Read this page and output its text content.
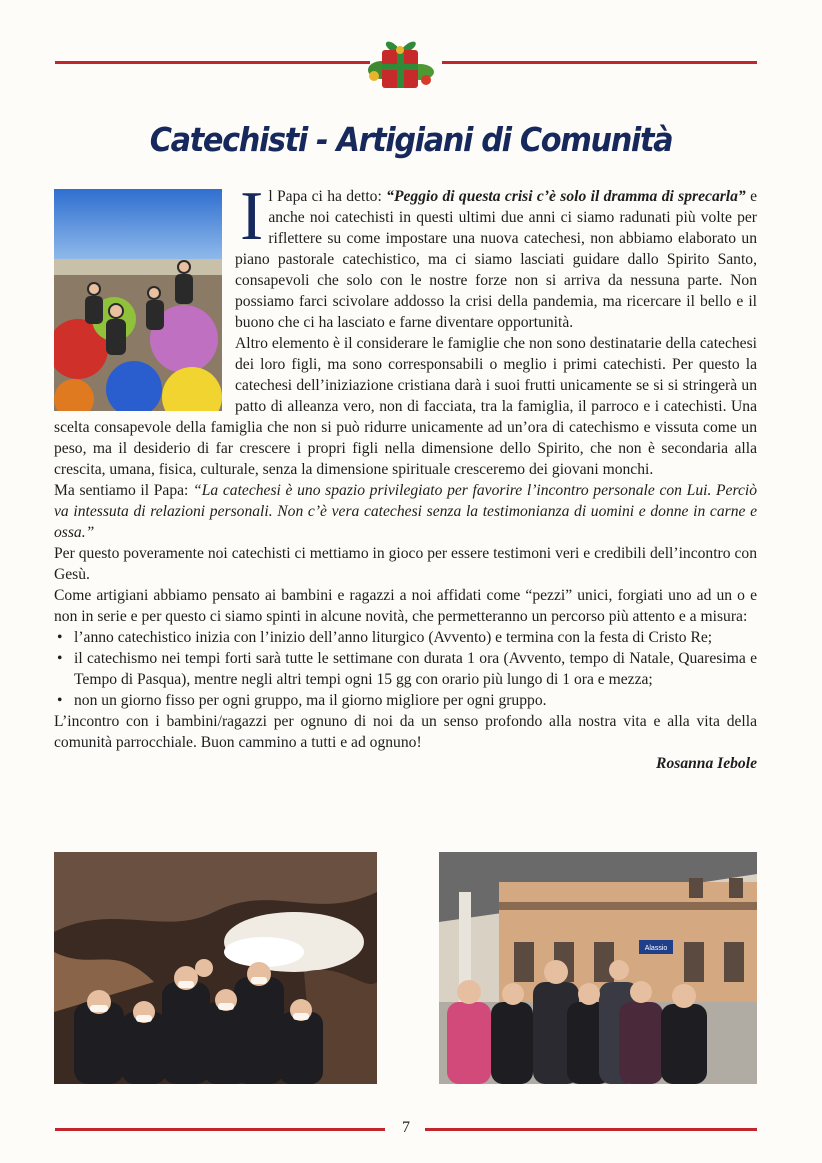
Catechisti - Artigiani di Comunità

Il Papa ci ha detto: “Peggio di questa crisi c’è solo il dramma di sprecarla” e anche noi catechisti in questi ultimi due anni ci siamo radunati più volte per riflettere su come impostare una nuova catechesi, non abbiamo elaborato un piano pastorale catechistico, ma ci siamo lasciati guidare dallo Spirito Santo, consapevoli che solo con le nostre forze non si arriva da nessuna parte. Non possiamo farci scivolare addosso la crisi della pandemia, ma ricercare il bello e il buono che ci ha lasciato e farne diventare opportunità.

Altro elemento è il considerare le famiglie che non sono destinatarie della catechesi dei loro figli, ma sono corresponsabili o meglio i primi catechisti. Per questo la catechesi dell’iniziazione cristiana darà i suoi frutti unicamente se si si stringerà un patto di alleanza vero, non di facciata, tra la famiglia, il parroco e i catechisti. Una scelta consapevole della famiglia che non si può ridurre unicamente ad un’ora di catechismo e vissuta come un peso, ma il desiderio di far crescere i propri figli nella dimensione dello Spirito, che non è secondaria alla crescita, umana, fisica, culturale, senza la dimensione spirituale cresceremo dei giovani monchi.

Ma sentiamo il Papa: “La catechesi è uno spazio privilegiato per favorire l’incontro personale con Lui. Perciò va intessuta di relazioni personali. Non c’è vera catechesi senza la testimonianza di uomini e donne in carne e ossa.”

Per questo poveramente noi catechisti ci mettiamo in gioco per essere testimoni veri e credibili dell’incontro con Gesù.

Come artigiani abbiamo pensato ai bambini e ragazzi a noi affidati come “pezzi” unici, forgiati uno ad un o e non in serie e per questo ci siamo spinti in alcune novità, che permetteranno un percorso più attento e a misura:

• l’anno catechistico inizia con l’inizio dell’anno liturgico (Avvento) e termina con la festa di Cristo Re;
• il catechismo nei tempi forti sarà tutte le settimane con durata 1 ora (Avvento, tempo di Natale, Quaresima e Tempo di Pasqua), mentre negli altri tempi ogni 15 gg con orario più lungo di 1 ora e mezza;
• non un giorno fisso per ogni gruppo, ma il giorno migliore per ogni gruppo.

L’incontro con i bambini/ragazzi per ognuno di noi da un senso profondo alla nostra vita e alla vita della comunità parrocchiale. Buon cammino a tutti e ad ognuno!

Rosanna Iebole

Alassio
7
